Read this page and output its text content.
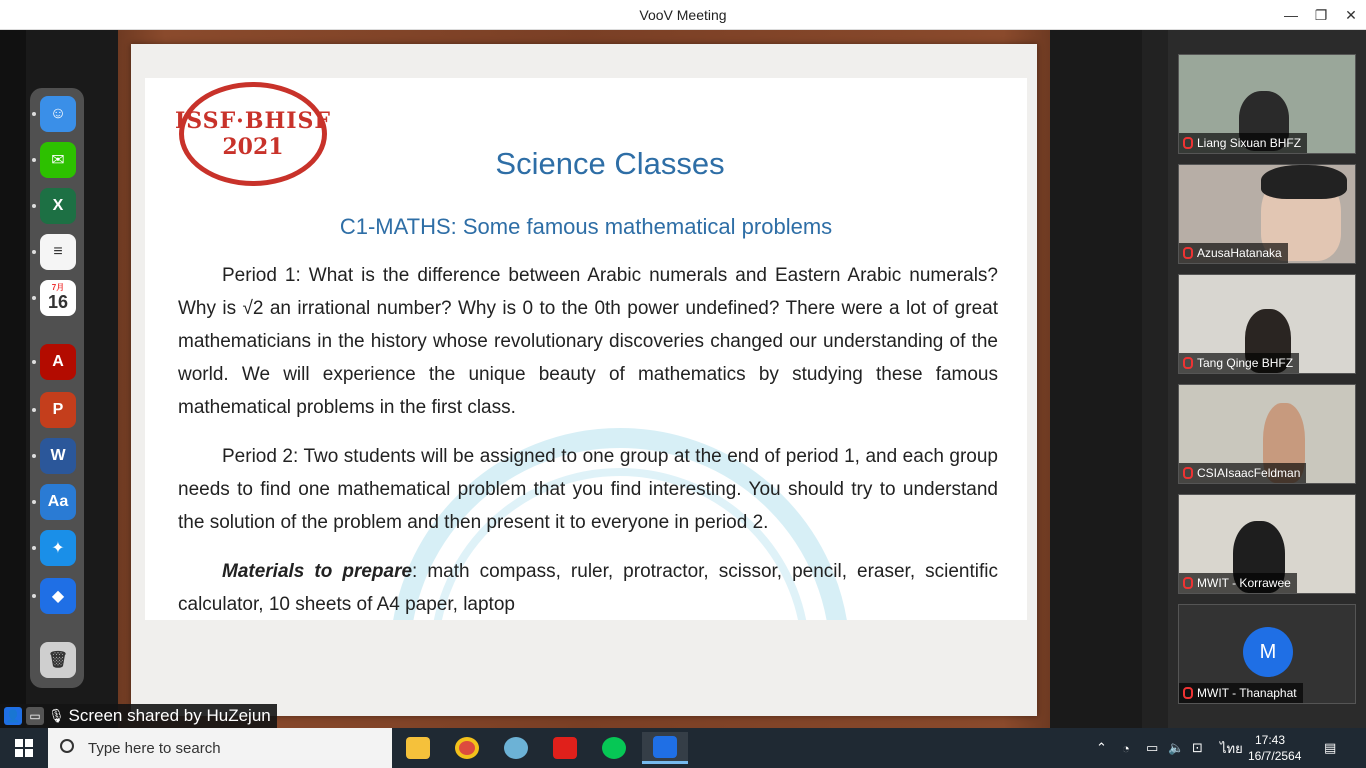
VooV Meeting	—	❐	✕
ISSF·BHISF
2021	Science Classes
C1-MATHS: Some famous mathematical problems
Period 1: What is the difference between Arabic numerals and Eastern Arabic numerals? Why is √2 an irrational number? Why is 0 to the 0th power undefined? There were a lot of great mathematicians in the history whose revolutionary discoveries changed our understanding of the world. We will experience the unique beauty of mathematics by studying these famous mathematical problems in the first class.
Period 2: Two students will be assigned to one group at the end of period 1, and each group needs to find one mathematical problem that you find interesting. You should try to understand the solution of the problem and then present it to everyone in period 2.
Materials to prepare: math compass, ruler, protractor, scissor, pencil, eraser, scientific calculator, 10 sheets of A4 paper, laptop
☺
✉
X
≡
7月
16
A
P
W
Aa
✦
◆
🗑
👤 ▭ 🎙 Screen shared by HuZejun
Liang Sixuan BHFZ
AzusaHatanaka
Tang Qinge BHFZ
CSIAIsaacFeldman
MWIT - Korrawee
M
MWIT - Thanaphat
Type here to search	⌃ ◔ ▭ 🔈 ⊡ ไทย
17:43
16/7/2564
▤
